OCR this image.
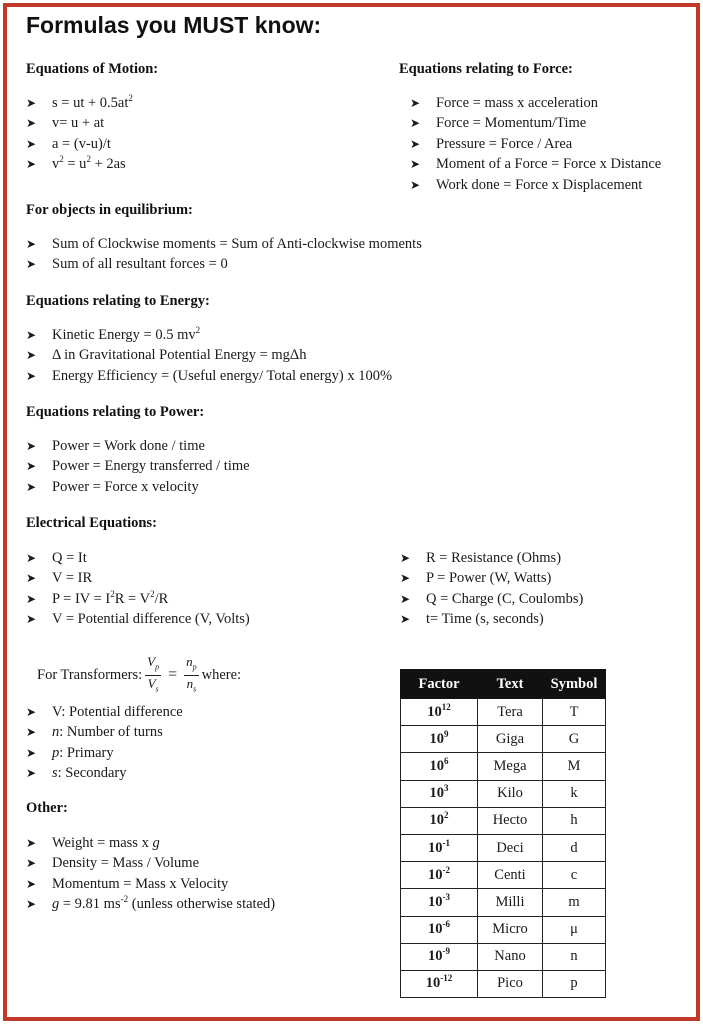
Formulas you MUST know:
Equations of Motion:
➤ s = ut + $0.5at^2$
➤ v= u + at
➤ a = (v-u)/t
➤ $v^2 = u^2 + 2as$
Equations relating to Force:
➤ Force = mass x acceleration
➤ Force = Momentum/Time
➤ Pressure = Force / Area
➤ Moment of a Force = Force x Distance
➤ Work done = Force x Displacement
For objects in equilibrium:
➤ Sum of Clockwise moments = Sum of Anti-clockwise moments
➤ Sum of all resultant forces = 0
Equations relating to Energy:
➤ Kinetic Energy = 0.5 $mv^2$
➤ Δ in Gravitational Potential Energy = mgΔh
➤ Energy Efficiency = (Useful energy/ Total energy) x 100%
Equations relating to Power:
➤ Power = Work done / time
➤ Power = Energy transferred / time
➤ Power = Force x velocity
Electrical Equations:
➤ Q = It
➤ V = IR
➤ P = IV = $I^2R = V^2/R$
➤ V = Potential difference (V, Volts)
➤ R = Resistance (Ohms)
➤ P = Power (W, Watts)
➤ Q = Charge (C, Coulombs)
➤ t= Time (s, seconds)
For Transformers: $\frac{V_p}{V_s} = \frac{n_p}{n_s}$ where:
➤ V: Potential difference
➤ n: Number of turns
➤ p: Primary
➤ s: Secondary
Other:
➤ Weight = mass x g
➤ Density = Mass / Volume
➤ Momentum = Mass x Velocity
➤ g = 9.81 $ms^{-2}$ (unless otherwise stated)
Factor	Text	Symbol
$10^{12}$	Tera	T
$10^9$	Giga	G
$10^6$	Mega	M
$10^3$	Kilo	k
$10^2$	Hecto	h
$10^{-1}$	Deci	d
$10^{-2}$	Centi	c
$10^{-3}$	Milli	m
$10^{-6}$	Micro	μ
$10^{-9}$	Nano	n
$10^{-12}$	Pico	p
